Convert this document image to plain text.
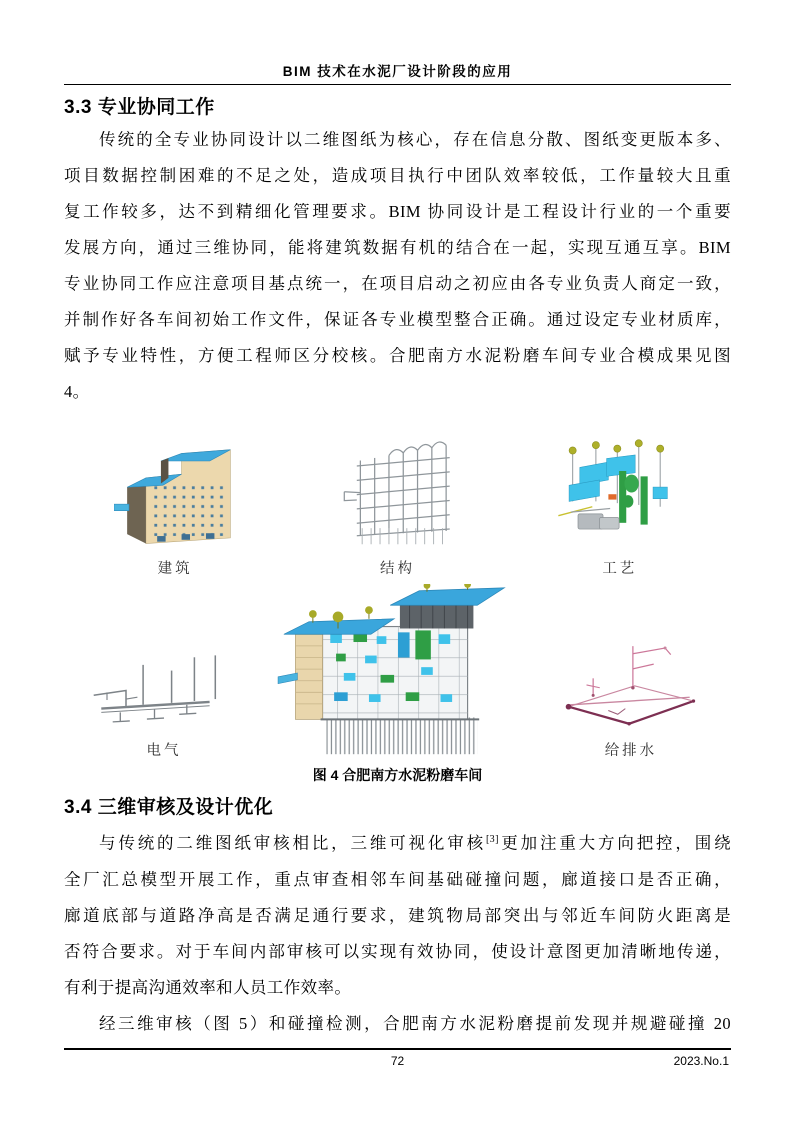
BIM 技术在水泥厂设计阶段的应用
3.3 专业协同工作
传统的全专业协同设计以二维图纸为核心，存在信息分散、图纸变更版本多、
项目数据控制困难的不足之处，造成项目执行中团队效率较低，工作量较大且重
复工作较多，达不到精细化管理要求。BIM 协同设计是工程设计行业的一个重要
发展方向，通过三维协同，能将建筑数据有机的结合在一起，实现互通互享。BIM
专业协同工作应注意项目基点统一，在项目启动之初应由各专业负责人商定一致，
并制作好各车间初始工作文件，保证各专业模型整合正确。通过设定专业材质库，
赋予专业特性，方便工程师区分校核。合肥南方水泥粉磨车间专业合模成果见图
4。
建筑	结构	工艺
电气	给排水
图 4 合肥南方水泥粉磨车间
3.4 三维审核及设计优化
与传统的二维图纸审核相比，三维可视化审核[3]更加注重大方向把控，围绕
全厂汇总模型开展工作，重点审查相邻车间基础碰撞问题，廊道接口是否正确，
廊道底部与道路净高是否满足通行要求，建筑物局部突出与邻近车间防火距离是
否符合要求。对于车间内部审核可以实现有效协同，使设计意图更加清晰地传递，
有利于提高沟通效率和人员工作效率。
经三维审核（图 5）和碰撞检测，合肥南方水泥粉磨提前发现并规避碰撞 20
72	2023.No.1
